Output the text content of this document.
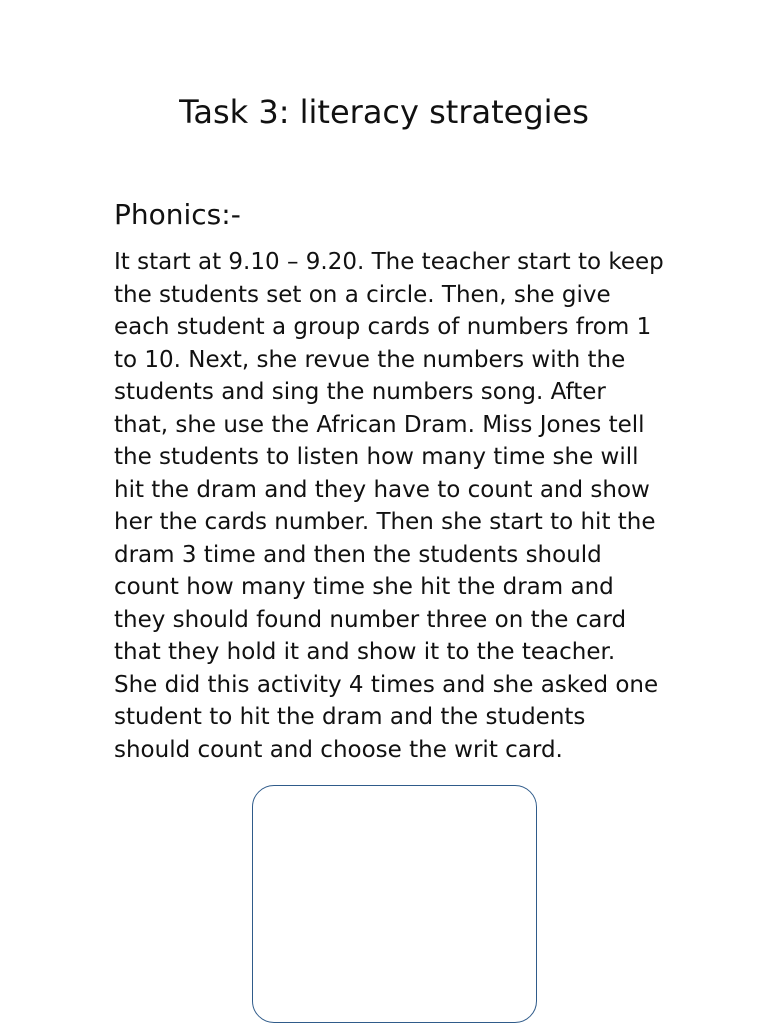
Task 3: literacy strategies
Phonics:-

It start at 9.10 – 9.20. The teacher start to keep the students set on a circle. Then, she give each student a group cards of numbers from 1 to 10. Next, she revue the numbers with the students and sing the numbers song. After that, she use the African Dram. Miss Jones tell the students to listen how many time she will hit the dram and they have to count and show her the cards number. Then she start to hit the dram 3 time and then the students should count how many time she hit the dram and they should found number three on the card that they hold it and show it to the teacher. She did this activity 4 times and she asked one student to hit the dram and the students should count and choose the writ card.
